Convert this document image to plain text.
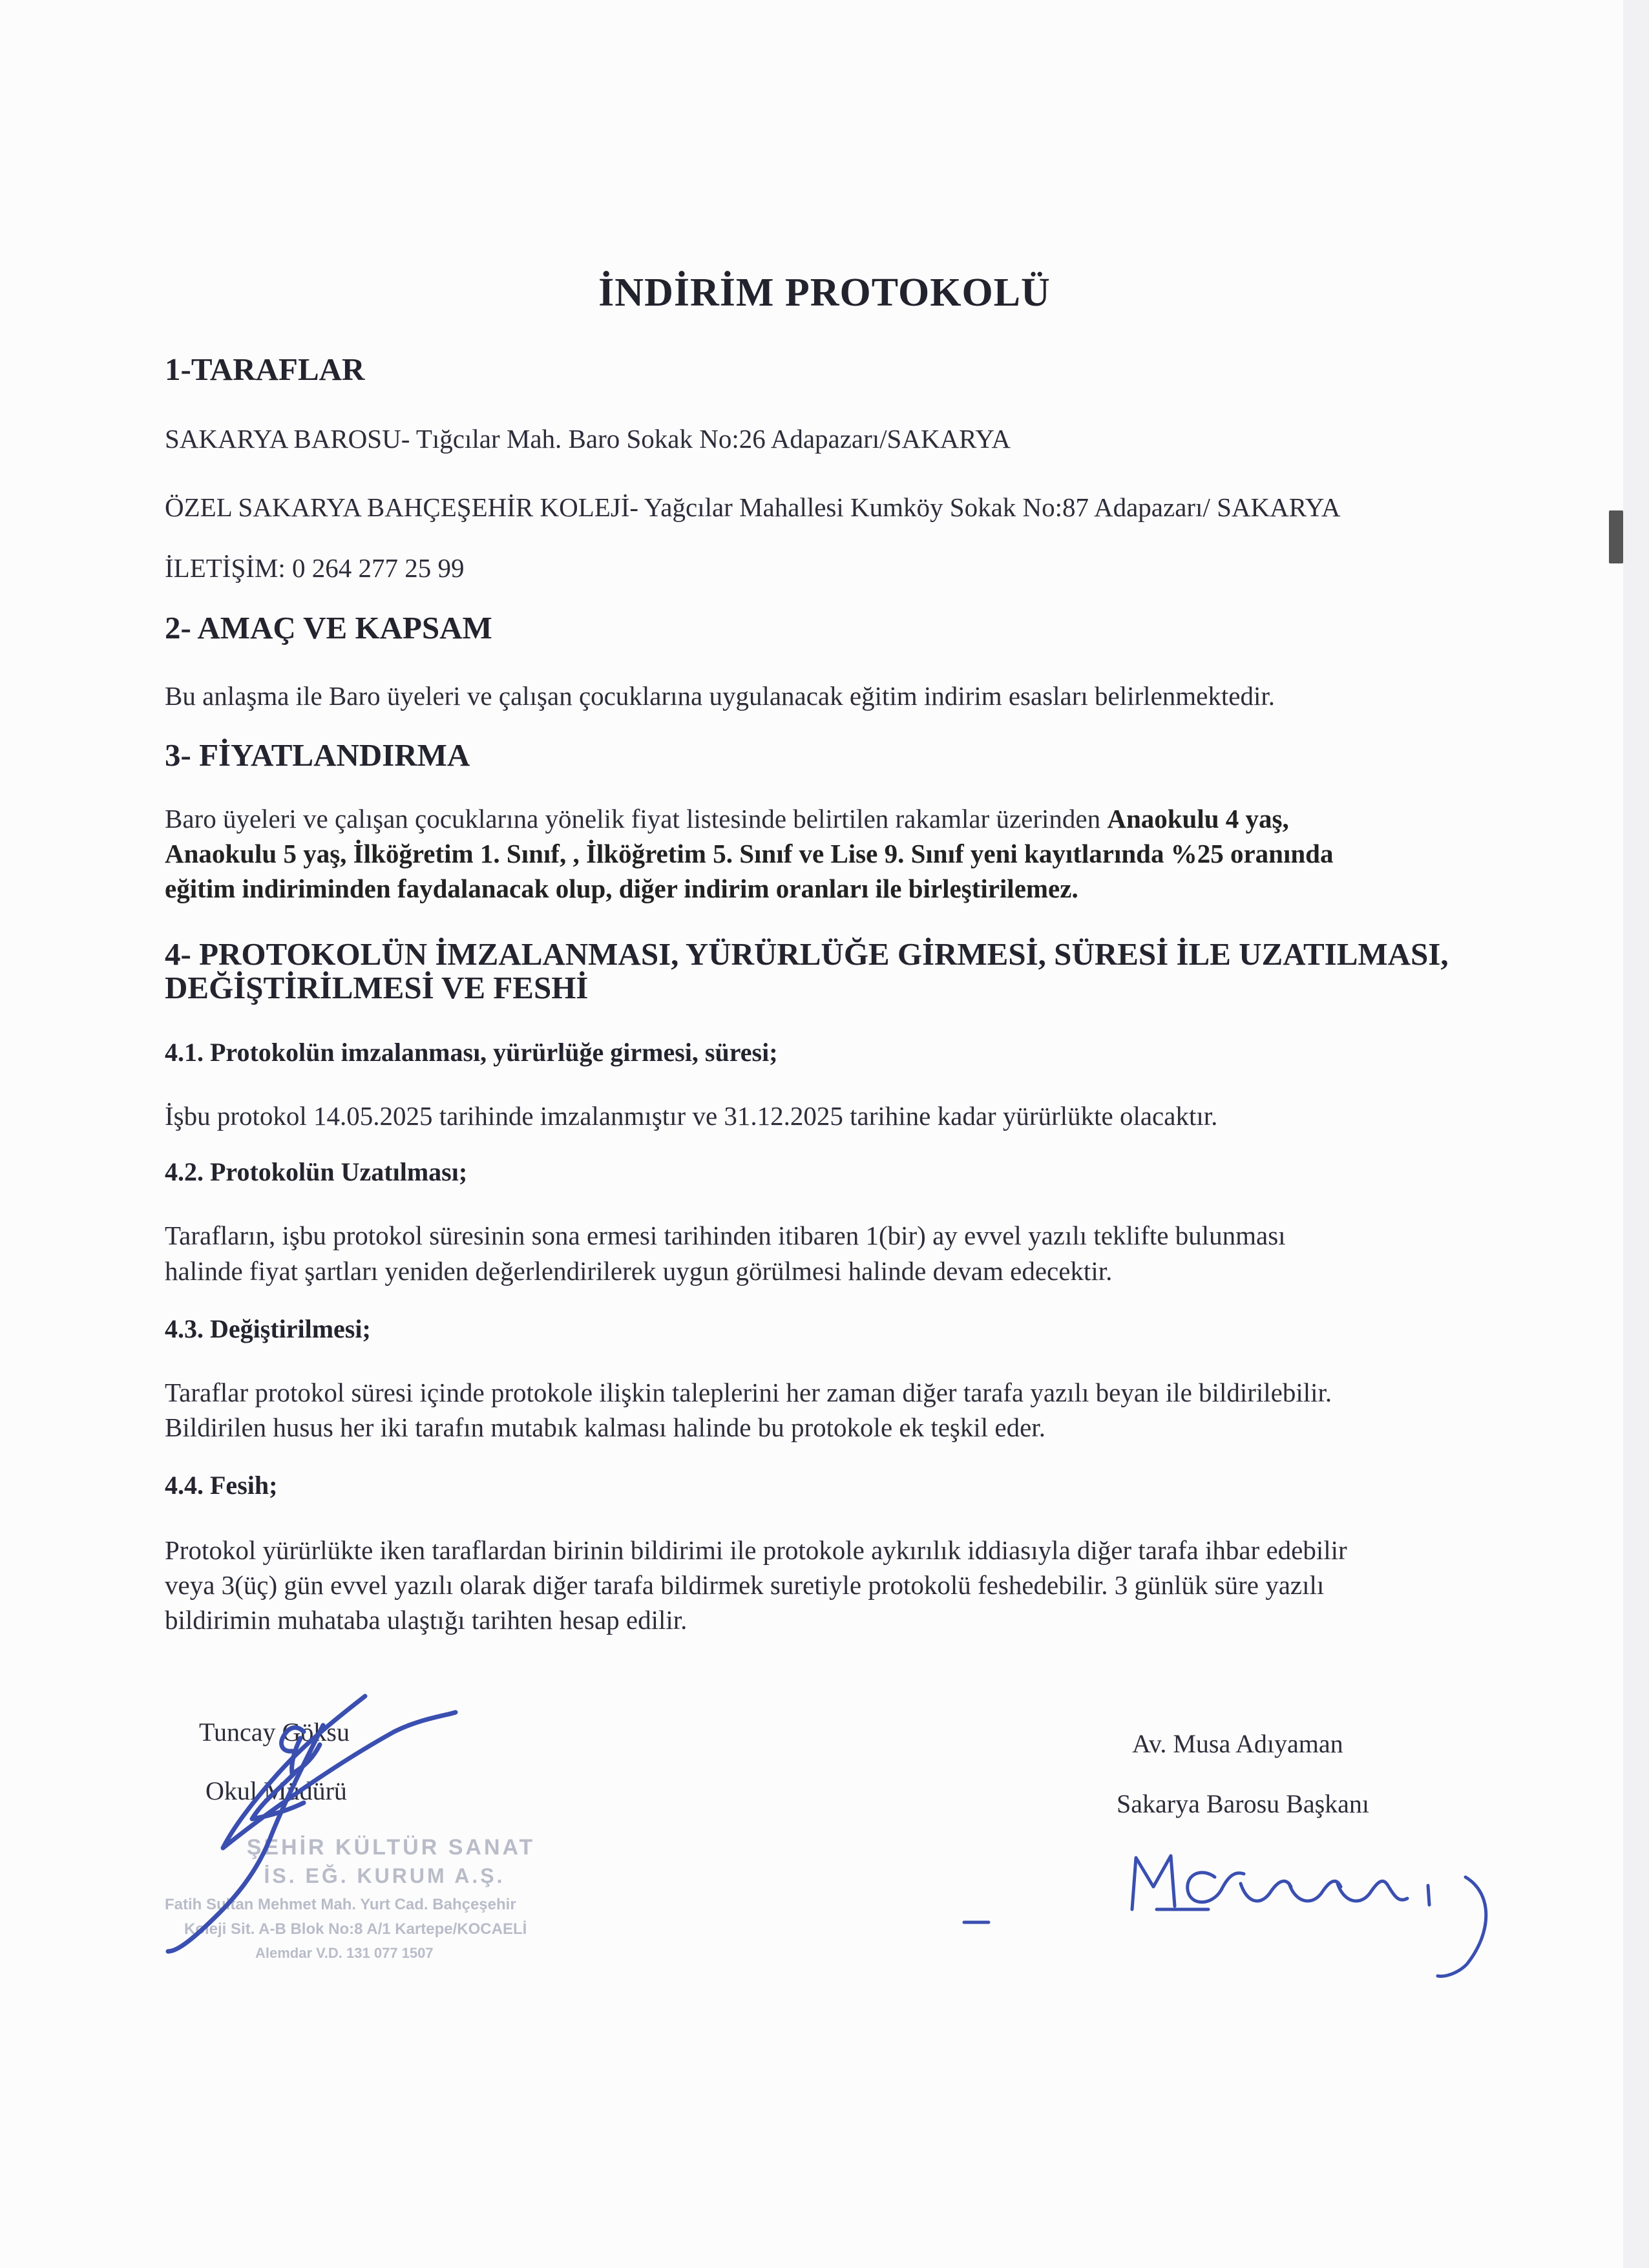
İNDİRİM PROTOKOLÜ
1-TARAFLAR
SAKARYA BAROSU- Tığcılar Mah. Baro Sokak No:26 Adapazarı/SAKARYA
ÖZEL SAKARYA BAHÇEŞEHİR KOLEJİ- Yağcılar Mahallesi Kumköy Sokak No:87 Adapazarı/ SAKARYA
İLETİŞİM: 0 264 277 25 99
2- AMAÇ VE KAPSAM
Bu anlaşma ile Baro üyeleri ve çalışan çocuklarına uygulanacak eğitim indirim esasları belirlenmektedir.
3- FİYATLANDIRMA
Baro üyeleri ve çalışan çocuklarına yönelik fiyat listesinde belirtilen rakamlar üzerinden Anaokulu 4 yaş,
Anaokulu 5 yaş, İlköğretim 1. Sınıf, , İlköğretim 5. Sınıf ve Lise 9. Sınıf yeni kayıtlarında %25 oranında
eğitim indiriminden faydalanacak olup, diğer indirim oranları ile birleştirilemez.
4- PROTOKOLÜN İMZALANMASI, YÜRÜRLÜĞE GİRMESİ, SÜRESİ İLE UZATILMASI,
DEĞİŞTİRİLMESİ VE FESHİ
4.1. Protokolün imzalanması, yürürlüğe girmesi, süresi;
İşbu protokol 14.05.2025 tarihinde imzalanmıştır ve 31.12.2025 tarihine kadar yürürlükte olacaktır.
4.2. Protokolün Uzatılması;
Tarafların, işbu protokol süresinin sona ermesi tarihinden itibaren 1(bir) ay evvel yazılı teklifte bulunması
halinde fiyat şartları yeniden değerlendirilerek uygun görülmesi halinde devam edecektir.
4.3. Değiştirilmesi;
Taraflar protokol süresi içinde protokole ilişkin taleplerini her zaman diğer tarafa yazılı beyan ile bildirilebilir.
Bildirilen husus her iki tarafın mutabık kalması halinde bu protokole ek teşkil eder.
4.4. Fesih;
Protokol yürürlükte iken taraflardan birinin bildirimi ile protokole aykırılık iddiasıyla diğer tarafa ihbar edebilir
veya 3(üç) gün evvel yazılı olarak diğer tarafa bildirmek suretiyle protokolü feshedebilir. 3 günlük süre yazılı
bildirimin muhataba ulaştığı tarihten hesap edilir.
Tuncay Göksu
Okul Müdürü
ŞEHİR KÜLTÜR SANAT
İS. EĞ. KURUM A.Ş.
Fatih Sultan Mehmet Mah. Yurt Cad. Bahçeşehir
Koleji Sit. A-B Blok No:8 A/1 Kartepe/KOCAELİ
Alemdar V.D. 131 077 1507
Av. Musa Adıyaman
Sakarya Barosu Başkanı
